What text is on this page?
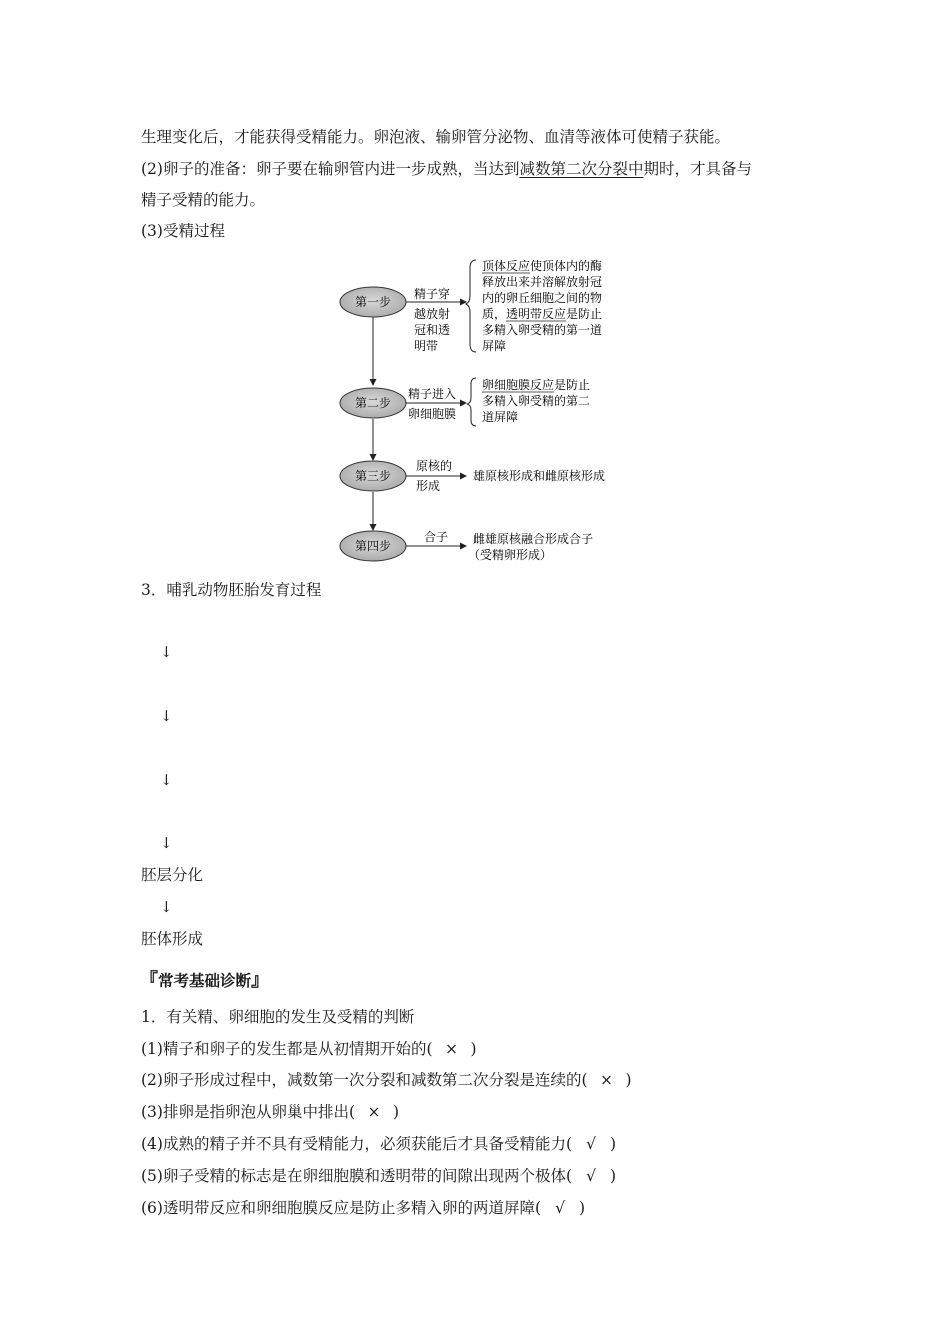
生理变化后，才能获得受精能力。卵泡液、输卵管分泌物、血清等液体可使精子获能。
(2)卵子的准备：卵子要在输卵管内进一步成熟，当达到减数第二次分裂中期时，才具备与
精子受精的能力。
(3)受精过程
第一步
第二步
第三步
第四步
精子穿
越放射
冠和透
明带
顶体反应使顶体内的酶
释放出来并溶解放射冠
内的卵丘细胞之间的物
质，透明带反应是防止
多精入卵受精的第一道
屏障
精子进入
卵细胞膜
卵细胞膜反应是防止
多精入卵受精的第二
道屏障
原核的
形成
雄原核形成和雌原核形成
合子 雌雄原核融合形成合子
（受精卵形成）
3．哺乳动物胚胎发育过程
↓
↓
↓
↓
胚层分化
↓
胚体形成
『常考基础诊断』
1．有关精、卵细胞的发生及受精的判断
(1)精子和卵子的发生都是从初情期开始的( × )
(2)卵子形成过程中，减数第一次分裂和减数第二次分裂是连续的( × )
(3)排卵是指卵泡从卵巢中排出( × )
(4)成熟的精子并不具有受精能力，必须获能后才具备受精能力( √ )
(5)卵子受精的标志是在卵细胞膜和透明带的间隙出现两个极体( √ )
(6)透明带反应和卵细胞膜反应是防止多精入卵的两道屏障( √ )
